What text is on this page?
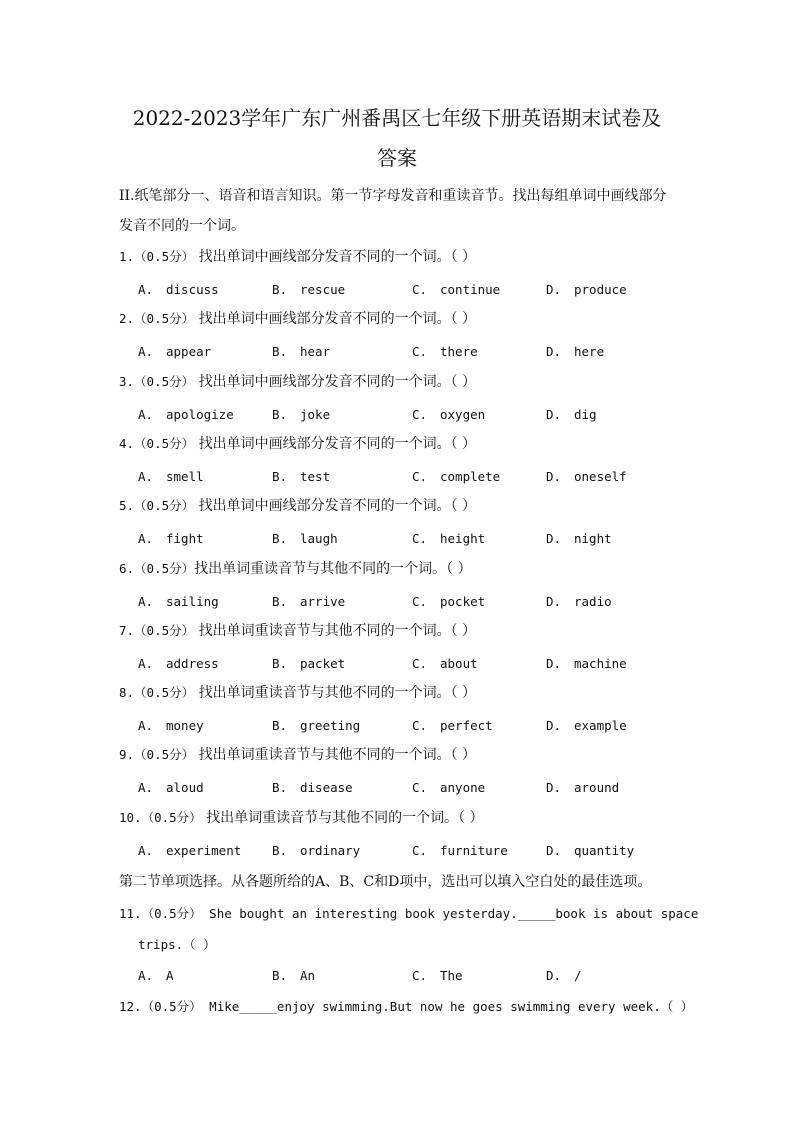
2022-2023学年广东广州番禺区七年级下册英语期末试卷及
答案
II.纸笔部分一、语音和语言知识。第一节字母发音和重读音节。找出每组单词中画线部分
发音不同的一个词。
1.（0.5分） 找出单词中画线部分发音不同的一个词。（ ）
A. discuss	B. rescue	C. continue	D. produce
2.（0.5分） 找出单词中画线部分发音不同的一个词。（ ）
A. appear	B. hear	C. there	D. here
3.（0.5分） 找出单词中画线部分发音不同的一个词。（ ）
A. apologize	B. joke	C. oxygen	D. dig
4.（0.5分） 找出单词中画线部分发音不同的一个词。（ ）
A. smell	B. test	C. complete	D. oneself
5.（0.5分） 找出单词中画线部分发音不同的一个词。（ ）
A. fight	B. laugh	C. height	D. night
6.（0.5分）找出单词重读音节与其他不同的一个词。（ ）
A. sailing	B. arrive	C. pocket	D. radio
7.（0.5分） 找出单词重读音节与其他不同的一个词。（ ）
A. address	B. packet	C. about	D. machine
8.（0.5分） 找出单词重读音节与其他不同的一个词。（ ）
A. money	B. greeting	C. perfect	D. example
9.（0.5分） 找出单词重读音节与其他不同的一个词。（ ）
A. aloud	B. disease	C. anyone	D. around
10.（0.5分） 找出单词重读音节与其他不同的一个词。（ ）
A. experiment B. ordinary	C. furniture	D. quantity
第二节单项选择。从各题所给的A、B、C和D项中，选出可以填入空白处的最佳选项。
11.（0.5分） She bought an interesting book yesterday._____book is about space
trips.（ ）
A. A	B. An	C. The	D. /
12.（0.5分） Mike_____enjoy swimming.But now he goes swimming every week.（ ）
